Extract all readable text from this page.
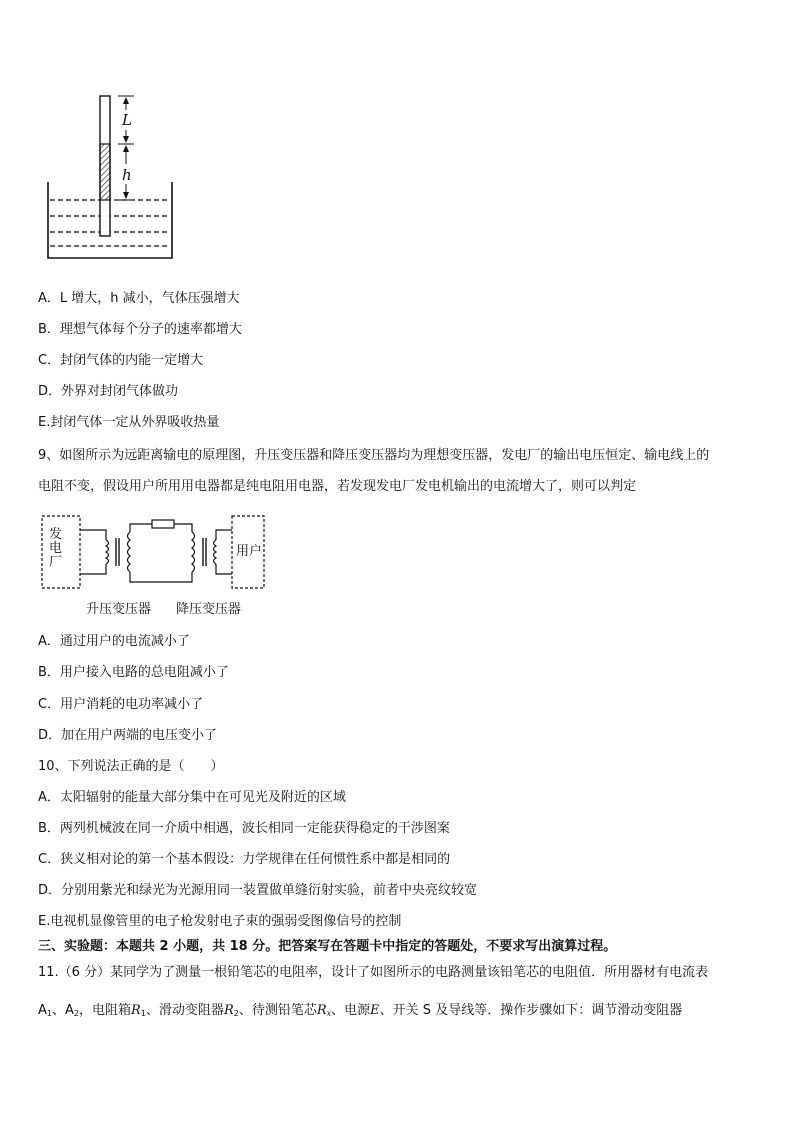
L
h
A．L 增大，h 减小，气体压强增大
B．理想气体每个分子的速率都增大
C．封闭气体的内能一定增大
D．外界对封闭气体做功
E.封闭气体一定从外界吸收热量
9、如图所示为远距离输电的原理图，升压变压器和降压变压器均为理想变压器，发电厂的输出电压恒定、输电线上的
电阻不变，假设用户所用用电器都是纯电阻用电器，若发现发电厂发电机输出的电流增大了，则可以判定
发电厂
用户
升压变压器 降压变压器
A．通过用户的电流减小了
B．用户接入电路的总电阻减小了
C．用户消耗的电功率减小了
D．加在用户两端的电压变小了
10、下列说法正确的是（　　）
A．太阳辐射的能量大部分集中在可见光及附近的区域
B．两列机械波在同一介质中相遇，波长相同一定能获得稳定的干涉图案
C．狭义相对论的第一个基本假设：力学规律在任何惯性系中都是相同的
D．分别用紫光和绿光为光源用同一装置做单缝衍射实验，前者中央亮纹较宽
E.电视机显像管里的电子枪发射电子束的强弱受图像信号的控制
三、实验题：本题共 2 小题，共 18 分。把答案写在答题卡中指定的答题处，不要求写出演算过程。
11.（6 分）某同学为了测量一根铅笔芯的电阻率，设计了如图所示的电路测量该铅笔芯的电阻值．所用器材有电流表
$A_1$、$A_2$，电阻箱$R_1$、滑动变阻器$R_2$、待测铅笔芯$R_x$、电源E、开关 S 及导线等．操作步骤如下：调节滑动变阻器
